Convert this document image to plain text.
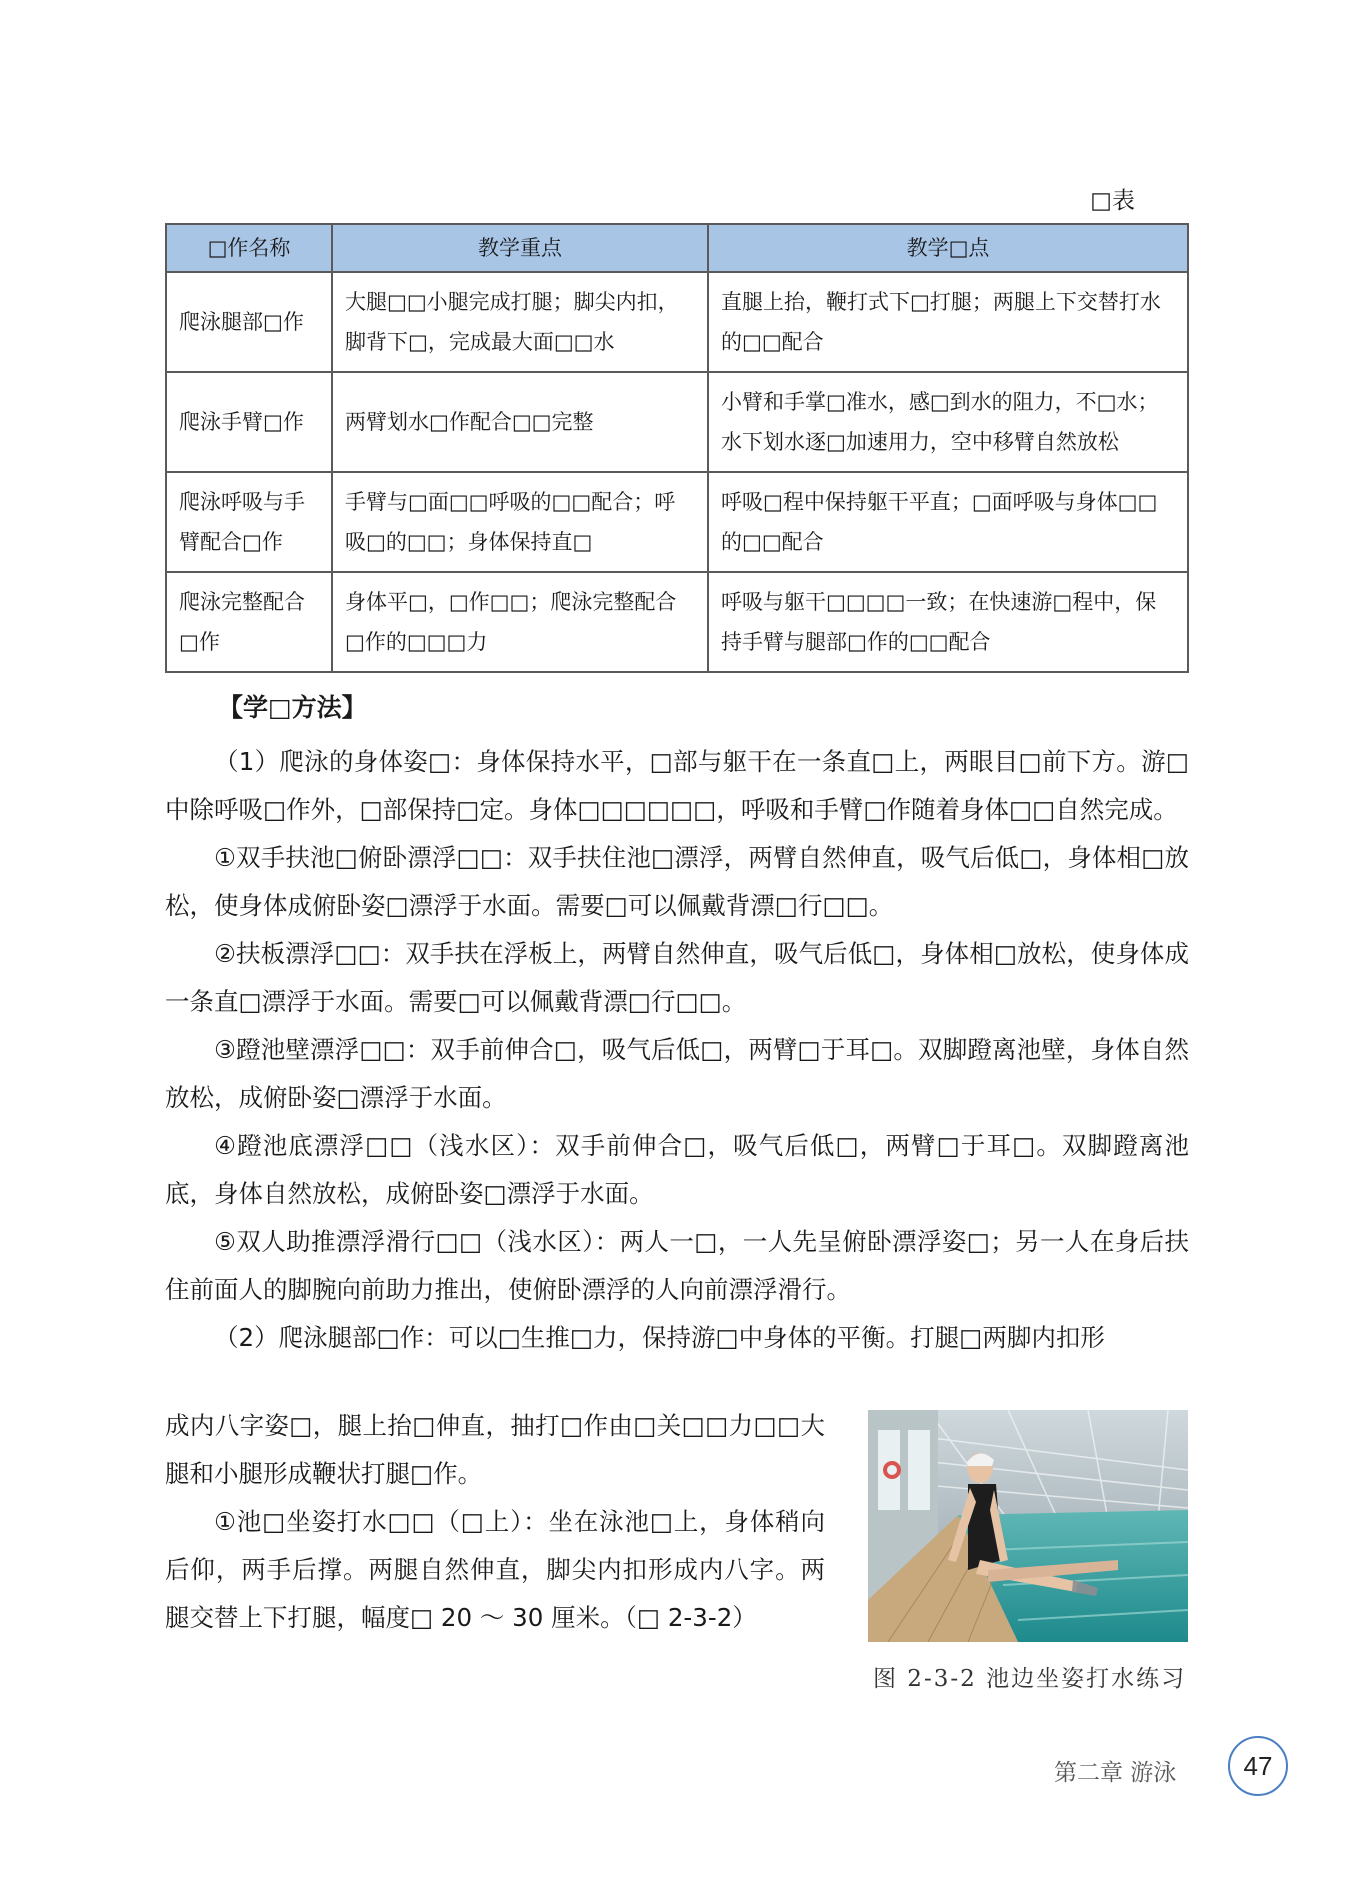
□表
□作名称	教学重点	教学□点
爬泳腿部□作	大腿□□小腿完成打腿；脚尖内扣，脚背下□，完成最大面□□水	直腿上抬，鞭打式下□打腿；两腿上下交替打水的□□配合
爬泳手臂□作	两臂划水□作配合□□完整	小臂和手掌□准水，感□到水的阻力，不□水；水下划水逐□加速用力，空中移臂自然放松
爬泳呼吸与手臂配合□作	手臂与□面□□呼吸的□□配合；呼吸□的□□；身体保持直□	呼吸□程中保持躯干平直；□面呼吸与身体□□的□□配合
爬泳完整配合□作	身体平□，□作□□；爬泳完整配合□作的□□□力	呼吸与躯干□□□□一致；在快速游□程中，保持手臂与腿部□作的□□配合
【学□方法】

（1）爬泳的身体姿□：身体保持水平，□部与躯干在一条直□上，两眼目□前下方。游□中除呼吸□作外，□部保持□定。身体□□□□□□，呼吸和手臂□作随着身体□□自然完成。

①双手扶池□俯卧漂浮□□：双手扶住池□漂浮，两臂自然伸直，吸气后低□，身体相□放松，使身体成俯卧姿□漂浮于水面。需要□可以佩戴背漂□行□□。

②扶板漂浮□□：双手扶在浮板上，两臂自然伸直，吸气后低□，身体相□放松，使身体成一条直□漂浮于水面。需要□可以佩戴背漂□行□□。

③蹬池壁漂浮□□：双手前伸合□，吸气后低□，两臂□于耳□。双脚蹬离池壁，身体自然放松，成俯卧姿□漂浮于水面。

④蹬池底漂浮□□（浅水区）：双手前伸合□，吸气后低□，两臂□于耳□。双脚蹬离池底，身体自然放松，成俯卧姿□漂浮于水面。

⑤双人助推漂浮滑行□□（浅水区）：两人一□，一人先呈俯卧漂浮姿□；另一人在身后扶住前面人的脚腕向前助力推出，使俯卧漂浮的人向前漂浮滑行。

（2）爬泳腿部□作：可以□生推□力，保持游□中身体的平衡。打腿□两脚内扣形

成内八字姿□，腿上抬□伸直，抽打□作由□关□□力□□大腿和小腿形成鞭状打腿□作。

①池□坐姿打水□□（□上）：坐在泳池□上，身体稍向后仰，两手后撑。两腿自然伸直，脚尖内扣形成内八字。两腿交替上下打腿，幅度□ 20 ～ 30 厘米。（□ 2-3-2）

图 2-3-2 池边坐姿打水练习
第二章 游泳	47
